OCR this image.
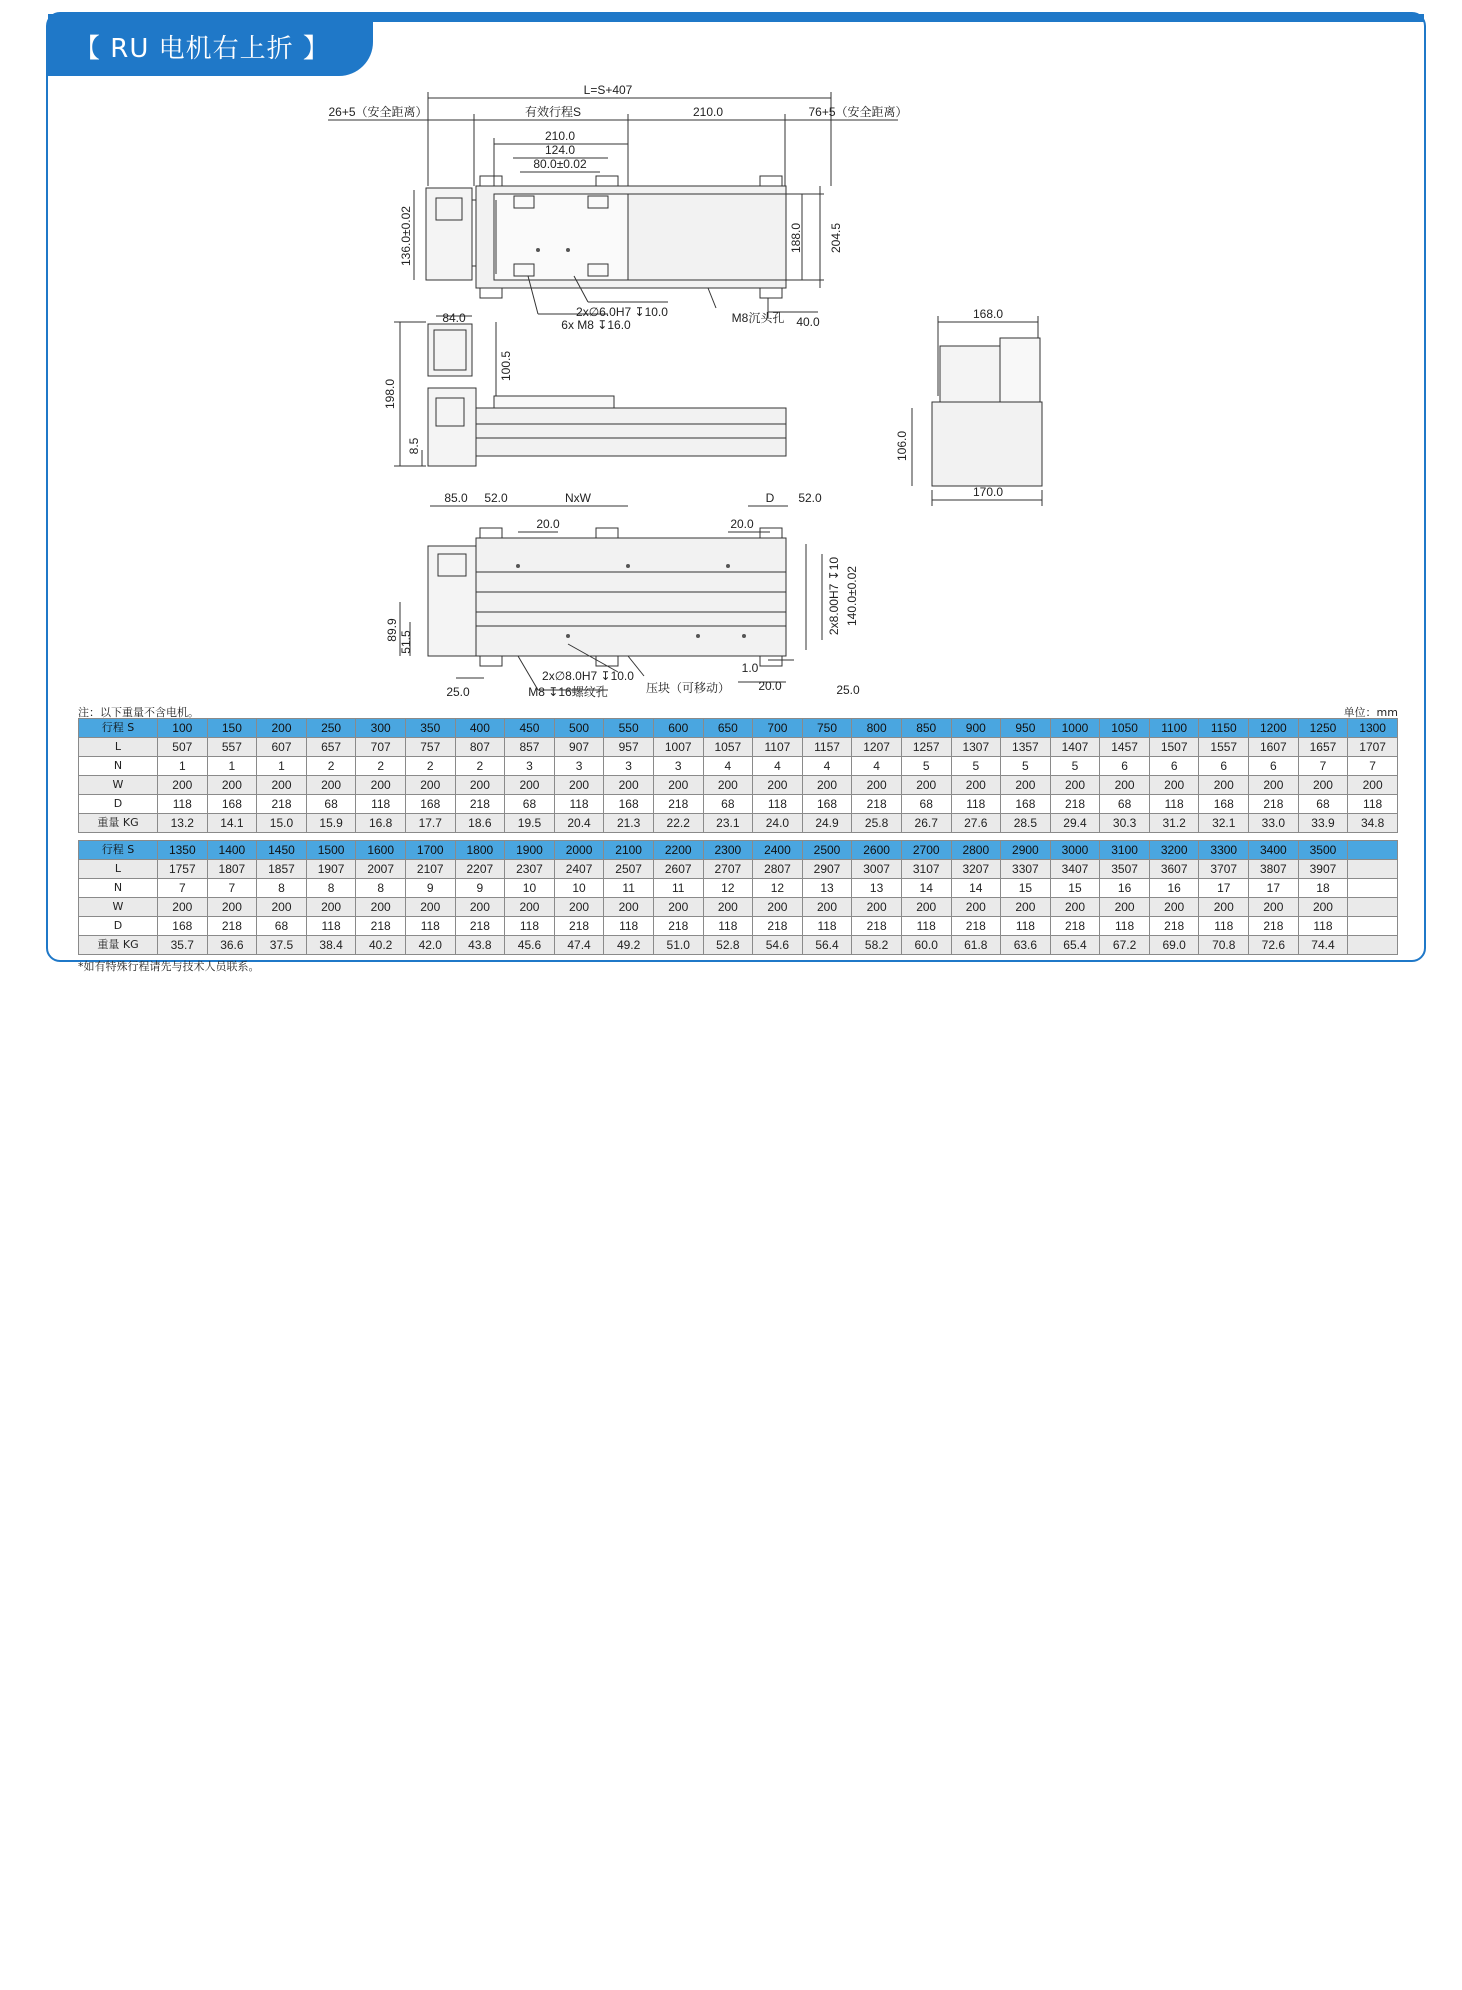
【 RU 电机右上折 】
L=S+407
26+5（安全距离）	有效行程S	210.0	76+5（安全距离）
210.0
124.0
80.0±0.02
136.0±0.02	188.0 204.5
6x M8 ↧16.0
2x∅6.0H7 ↧10.0	M8沉头孔 40.0
84.0
100.5
198.0
8.5
168.0
106.0
170.0
85.0 52.0	NxW	D 52.0
20.0	20.0
2x8.00H7 ↧10 140.0±0.02
89.9
51.5
2x∅8.0H7 ↧10.0
1.0
25.0	M8 ↧16螺纹孔	压块（可移动） 20.0	25.0
注：以下重量不含电机。	单位：mm
行程 S	100	150	200	250	300	350	400	450	500	550	600	650	700	750	800	850	900	950	1000	1050	1100	1150	1200	1250	1300
L	507	557	607	657	707	757	807	857	907	957	1007	1057	1107	1157	1207	1257	1307	1357	1407	1457	1507	1557	1607	1657	1707
N	1	1	1	2	2	2	2	3	3	3	3	4	4	4	4	5	5	5	5	6	6	6	6	7	7
W	200	200	200	200	200	200	200	200	200	200	200	200	200	200	200	200	200	200	200	200	200	200	200	200	200
D	118	168	218	68	118	168	218	68	118	168	218	68	118	168	218	68	118	168	218	68	118	168	218	68	118
重量 KG	13.2	14.1	15.0	15.9	16.8	17.7	18.6	19.5	20.4	21.3	22.2	23.1	24.0	24.9	25.8	26.7	27.6	28.5	29.4	30.3	31.2	32.1	33.0	33.9	34.8
行程 S	1350	1400	1450	1500	1600	1700	1800	1900	2000	2100	2200	2300	2400	2500	2600	2700	2800	2900	3000	3100	3200	3300	3400	3500	
L	1757	1807	1857	1907	2007	2107	2207	2307	2407	2507	2607	2707	2807	2907	3007	3107	3207	3307	3407	3507	3607	3707	3807	3907	
N	7	7	8	8	8	9	9	10	10	11	11	12	12	13	13	14	14	15	15	16	16	17	17	18	
W	200	200	200	200	200	200	200	200	200	200	200	200	200	200	200	200	200	200	200	200	200	200	200	200	
D	168	218	68	118	218	118	218	118	218	118	218	118	218	118	218	118	218	118	218	118	218	118	218	118	
重量 KG	35.7	36.6	37.5	38.4	40.2	42.0	43.8	45.6	47.4	49.2	51.0	52.8	54.6	56.4	58.2	60.0	61.8	63.6	65.4	67.2	69.0	70.8	72.6	74.4	
*如有特殊行程请先与技术人员联系。
